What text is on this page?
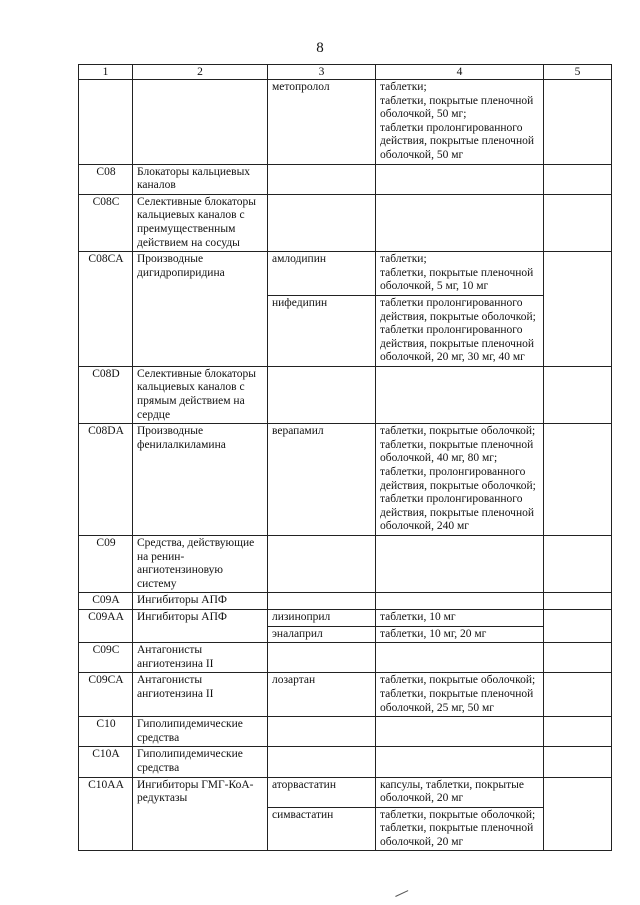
8
1	2	3	4	5
		метопролол	таблетки;
таблетки, покрытые пленочной оболочкой, 50 мг;
таблетки пролонгированного действия, покрытые пленочной оболочкой, 50 мг	

C08	Блокаторы кальциевых каналов			
C08C	Селективные блокаторы кальциевых каналов с преимущественным действием на сосуды			
C08CA	Производные дигидропиридина	амлодипин	таблетки;
таблетки, покрытые пленочной оболочкой, 5 мг, 10 мг	

		нифедипин	таблетки пролонгированного действия, покрытые оболочкой;
таблетки пролонгированного действия, покрытые пленочной оболочкой, 20 мг, 30 мг, 40 мг	

C08D	Селективные блокаторы кальциевых каналов с прямым действием на сердце			
C08DA	Производные фенилалкиламина	верапамил	таблетки, покрытые оболочкой;
таблетки, покрытые пленочной оболочкой, 40 мг, 80 мг;
таблетки, пролонгированного действия, покрытые оболочкой;
таблетки пролонгированного действия, покрытые пленочной оболочкой, 240 мг	

C09	Средства, действующие на ренин-ангиотензиновую систему			
C09A	Ингибиторы АПФ			
C09AA	Ингибиторы АПФ	лизиноприл	таблетки, 10 мг	

		эналаприл	таблетки, 10 мг, 20 мг	

C09C	Антагонисты ангиотензина II			
C09CA	Антагонисты ангиотензина II	лозартан	таблетки, покрытые оболочкой;
таблетки, покрытые пленочной оболочкой, 25 мг, 50 мг	

C10	Гиполипидемические средства			
C10A	Гиполипидемические средства			
C10AA	Ингибиторы ГМГ-КоА-редуктазы	аторвастатин	капсулы, таблетки, покрытые оболочкой, 20 мг	

		симвастатин	таблетки, покрытые оболочкой;
таблетки, покрытые пленочной оболочкой, 20 мг	
